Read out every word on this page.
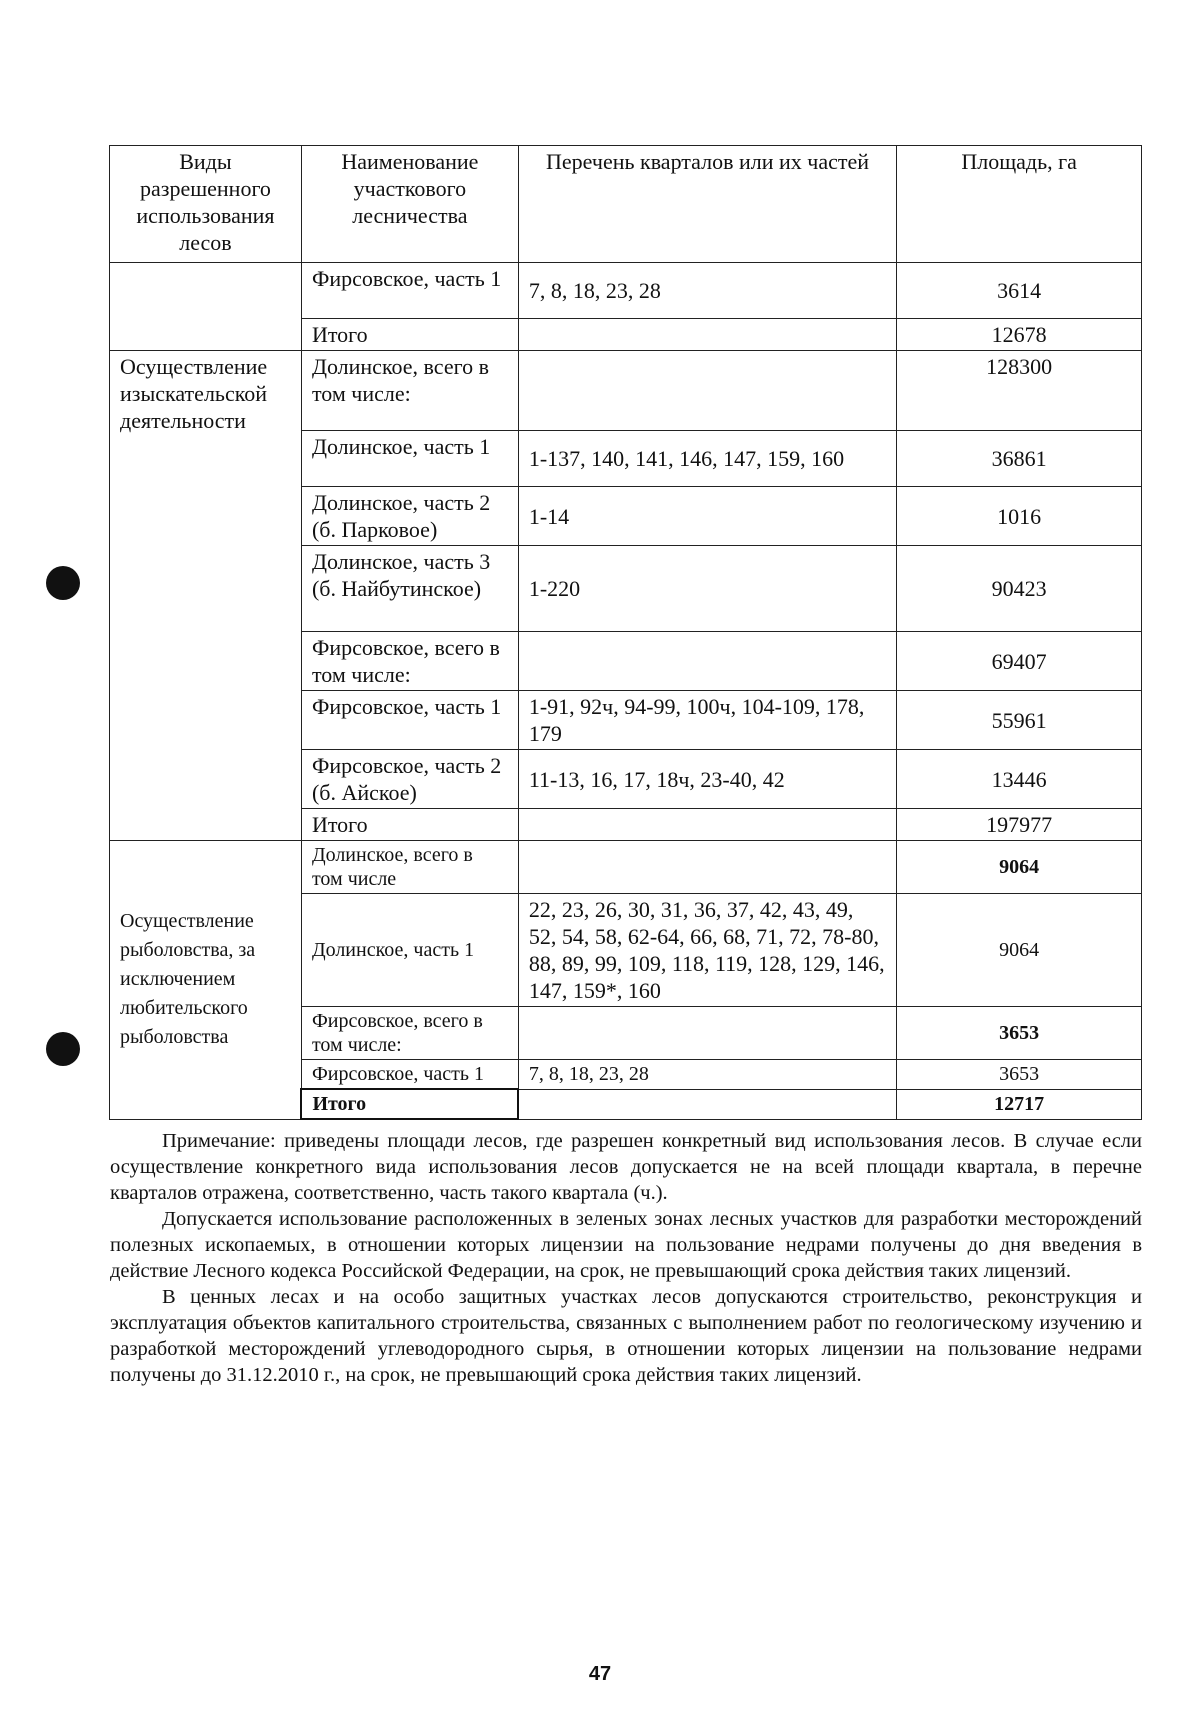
Виды разрешенного использования лесов	Наименование участкового лесничества	Перечень кварталов или их частей	Площадь, га
	Фирсовское, часть 1	7, 8, 18, 23, 28	3614
	Итого		12678
Осуществление изыскательской деятельности	Долинское, всего в том числе:		128300
	Долинское, часть 1	1-137, 140, 141, 146, 147, 159, 160	36861
	Долинское, часть 2 (б. Парковое)	1-14	1016
	Долинское, часть 3 (б. Найбутинское)	1-220	90423
	Фирсовское, всего в том числе:		69407
	Фирсовское, часть 1	1-91, 92ч, 94-99, 100ч, 104-109, 178, 179	55961
	Фирсовское, часть 2 (б. Айское)	11-13, 16, 17, 18ч, 23-40, 42	13446
	Итого		197977
Осуществление рыболовства, за исключением любительского рыболовства	Долинское, всего в том числе		9064
	Долинское, часть 1	22, 23, 26, 30, 31, 36, 37, 42, 43, 49, 52, 54, 58, 62-64, 66, 68, 71, 72, 78-80, 88, 89, 99, 109, 118, 119, 128, 129, 146, 147, 159*, 160	9064
	Фирсовское, всего в том числе:		3653
	Фирсовское, часть 1	7, 8, 18, 23, 28	3653
	Итого		12717

Примечание: приведены площади лесов, где разрешен конкретный вид использования лесов. В случае если осуществление конкретного вида использования лесов допускается не на всей площади квартала, в перечне кварталов отражена, соответственно, часть такого квартала (ч.).

Допускается использование расположенных в зеленых зонах лесных участков для разработки месторождений полезных ископаемых, в отношении которых лицензии на пользование недрами получены до дня введения в действие Лесного кодекса Российской Федерации, на срок, не превышающий срока действия таких лицензий.

В ценных лесах и на особо защитных участках лесов допускаются строительство, реконструкция и эксплуатация объектов капитального строительства, связанных с выполнением работ по геологическому изучению и разработкой месторождений углеводородного сырья, в отношении которых лицензии на пользование недрами получены до 31.12.2010 г., на срок, не превышающий срока действия таких лицензий.

47
